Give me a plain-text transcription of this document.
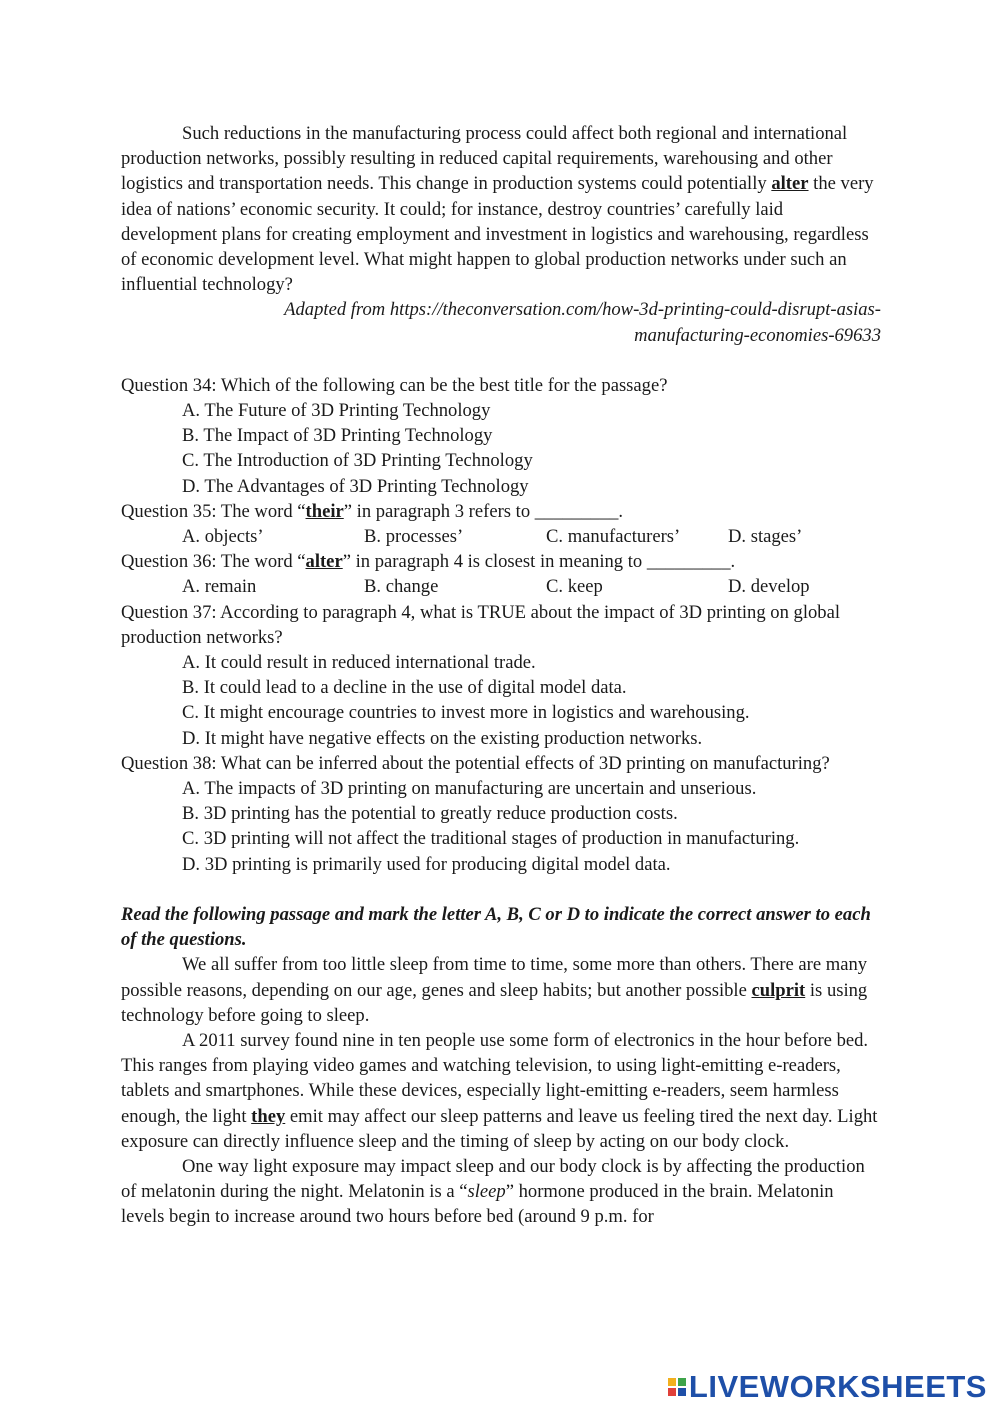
Such reductions in the manufacturing process could affect both regional and international production networks, possibly resulting in reduced capital requirements, warehousing and other logistics and transportation needs. This change in production systems could potentially alter the very idea of nations’ economic security. It could; for instance, destroy countries’ carefully laid development plans for creating employment and investment in logistics and warehousing, regardless of economic development level. What might happen to global production networks under such an influential technology?

Adapted from https://theconversation.com/how-3d-printing-could-disrupt-asias-

manufacturing-economies-69633

Question 34: Which of the following can be the best title for the passage?

A. The Future of 3D Printing Technology

B. The Impact of 3D Printing Technology

C. The Introduction of 3D Printing Technology

D. The Advantages of 3D Printing Technology

Question 35: The word “their” in paragraph 3 refers to _________.

A. objects’	B. processes’	C. manufacturers’	D. stages’

Question 36: The word “alter” in paragraph 4 is closest in meaning to _________.

A. remain	B. change	C. keep	D. develop

Question 37: According to paragraph 4, what is TRUE about the impact of 3D printing on global production networks?

A. It could result in reduced international trade.

B. It could lead to a decline in the use of digital model data.

C. It might encourage countries to invest more in logistics and warehousing.

D. It might have negative effects on the existing production networks.

Question 38: What can be inferred about the potential effects of 3D printing on manufacturing?

A. The impacts of 3D printing on manufacturing are uncertain and unserious.

B. 3D printing has the potential to greatly reduce production costs.

C. 3D printing will not affect the traditional stages of production in manufacturing.

D. 3D printing is primarily used for producing digital model data.

Read the following passage and mark the letter A, B, C or D to indicate the correct answer to each of the questions.

We all suffer from too little sleep from time to time, some more than others. There are many possible reasons, depending on our age, genes and sleep habits; but another possible culprit is using technology before going to sleep.

A 2011 survey found nine in ten people use some form of electronics in the hour before bed. This ranges from playing video games and watching television, to using light-emitting e-readers, tablets and smartphones. While these devices, especially light-emitting e-readers, seem harmless enough, the light they emit may affect our sleep patterns and leave us feeling tired the next day. Light exposure can directly influence sleep and the timing of sleep by acting on our body clock.

One way light exposure may impact sleep and our body clock is by affecting the production of melatonin during the night. Melatonin is a “sleep” hormone produced in the brain. Melatonin levels begin to increase around two hours before bed (around 9 p.m. for

LIVEWORKSHEETS
